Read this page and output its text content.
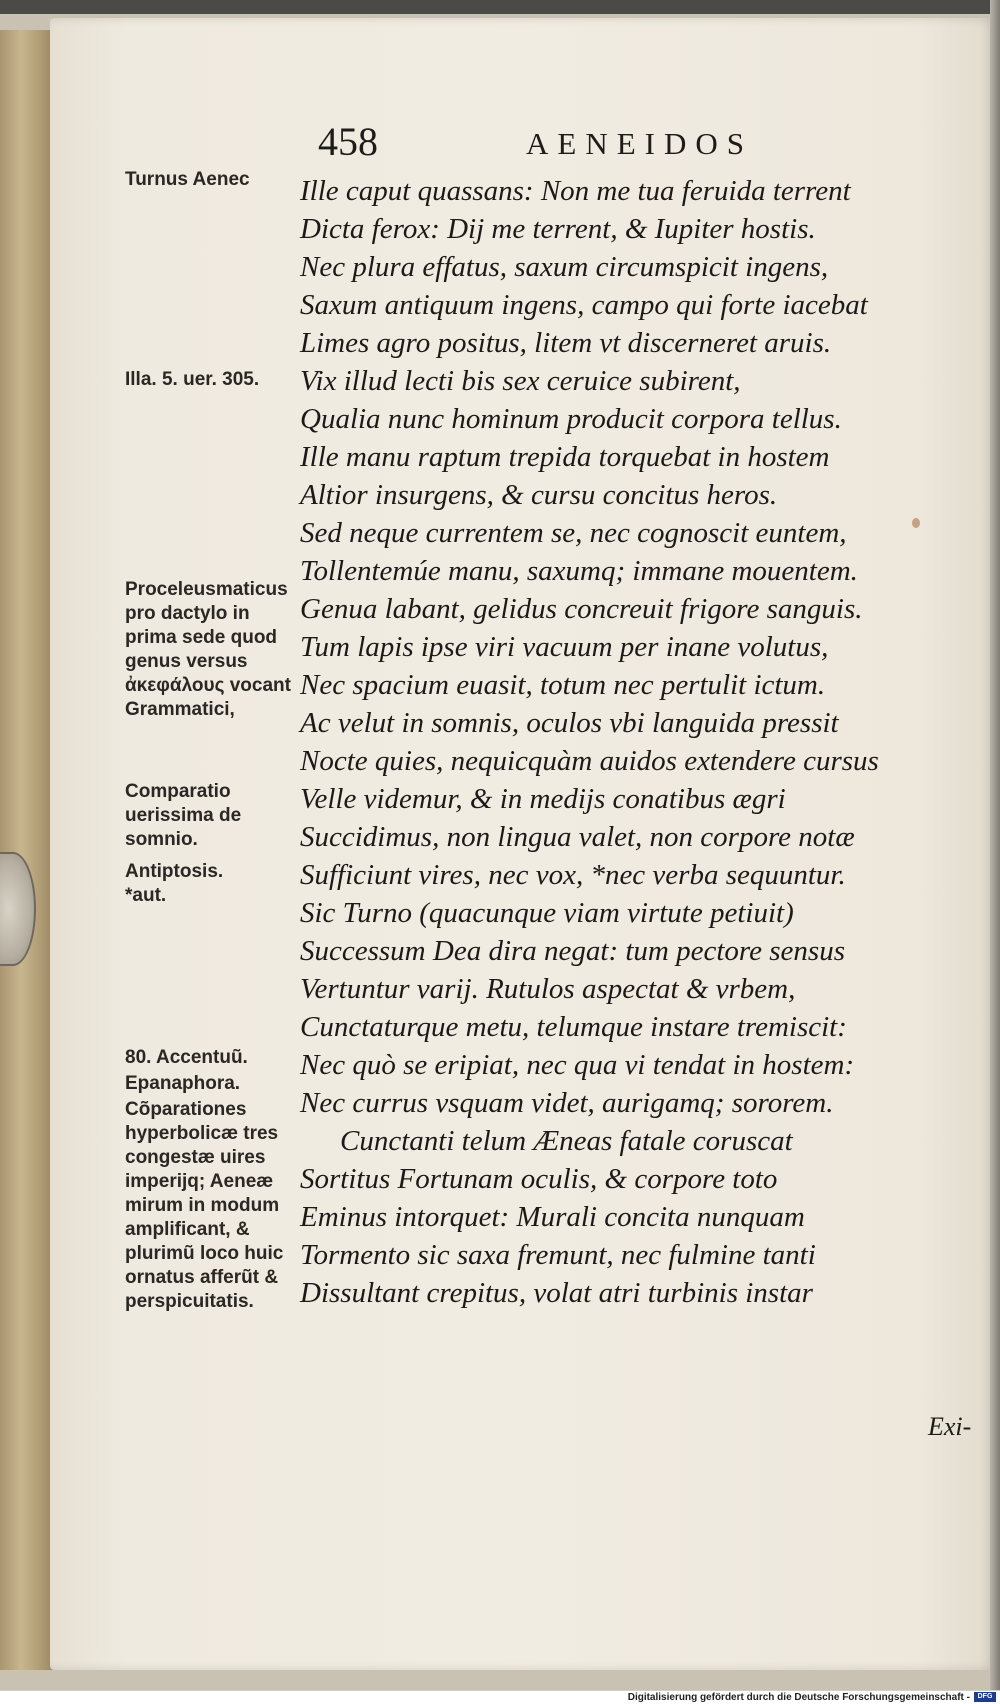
458	AENEIDOS
Ille caput quassans: Non me tua feruida terrent
Dicta ferox: Dij me terrent, & Iupiter hostis.
Nec plura effatus, saxum circumspicit ingens,
Saxum antiquum ingens, campo qui forte iacebat
Limes agro positus, litem vt discerneret aruis.
Vix illud lecti bis sex ceruice subirent,
Qualia nunc hominum producit corpora tellus.
Ille manu raptum trepida torquebat in hostem
Altior insurgens, & cursu concitus heros.
Sed neque currentem se, nec cognoscit euntem,
Tollentemúe manu, saxumq; immane mouentem.
Genua labant, gelidus concreuit frigore sanguis.
Tum lapis ipse viri vacuum per inane volutus,
Nec spacium euasit, totum nec pertulit ictum.
Ac velut in somnis, oculos vbi languida pressit
Nocte quies, nequicquàm auidos extendere cursus
Velle videmur, & in medijs conatibus ægri
Succidimus, non lingua valet, non corpore notæ
Sufficiunt vires, nec vox, *nec verba sequuntur.
Sic Turno (quacunque viam virtute petiuit)
Successum Dea dira negat: tum pectore sensus
Vertuntur varij. Rutulos aspectat & vrbem,
Cunctaturque metu, telumque instare tremiscit:
Nec quò se eripiat, nec qua vi tendat in hostem:
Nec currus vsquam videt, aurigamq; sororem.
Cunctanti telum Æneas fatale coruscat
Sortitus Fortunam oculis, & corpore toto
Eminus intorquet: Murali concita nunquam
Tormento sic saxa fremunt, nec fulmine tanti
Dissultant crepitus, volat atri turbinis instar
Turnus Aenec
Illa. 5. uer. 305.
Proceleusmaticus pro dactylo in prima sede quod genus versus ἀκεφάλους vocant Grammatici,
Comparatio uerissima de somnio.
Antiptosis.
*aut.
80. Accentuũ.
Epanaphora.
Cõparationes hyperbolicæ tres congestæ uires imperijq; Aeneæ mirum in modum amplificant, & plurimũ loco huic ornatus afferũt & perspicuitatis.
Exi-
Digitalisierung gefördert durch die Deutsche Forschungsgemeinschaft -	DFG
